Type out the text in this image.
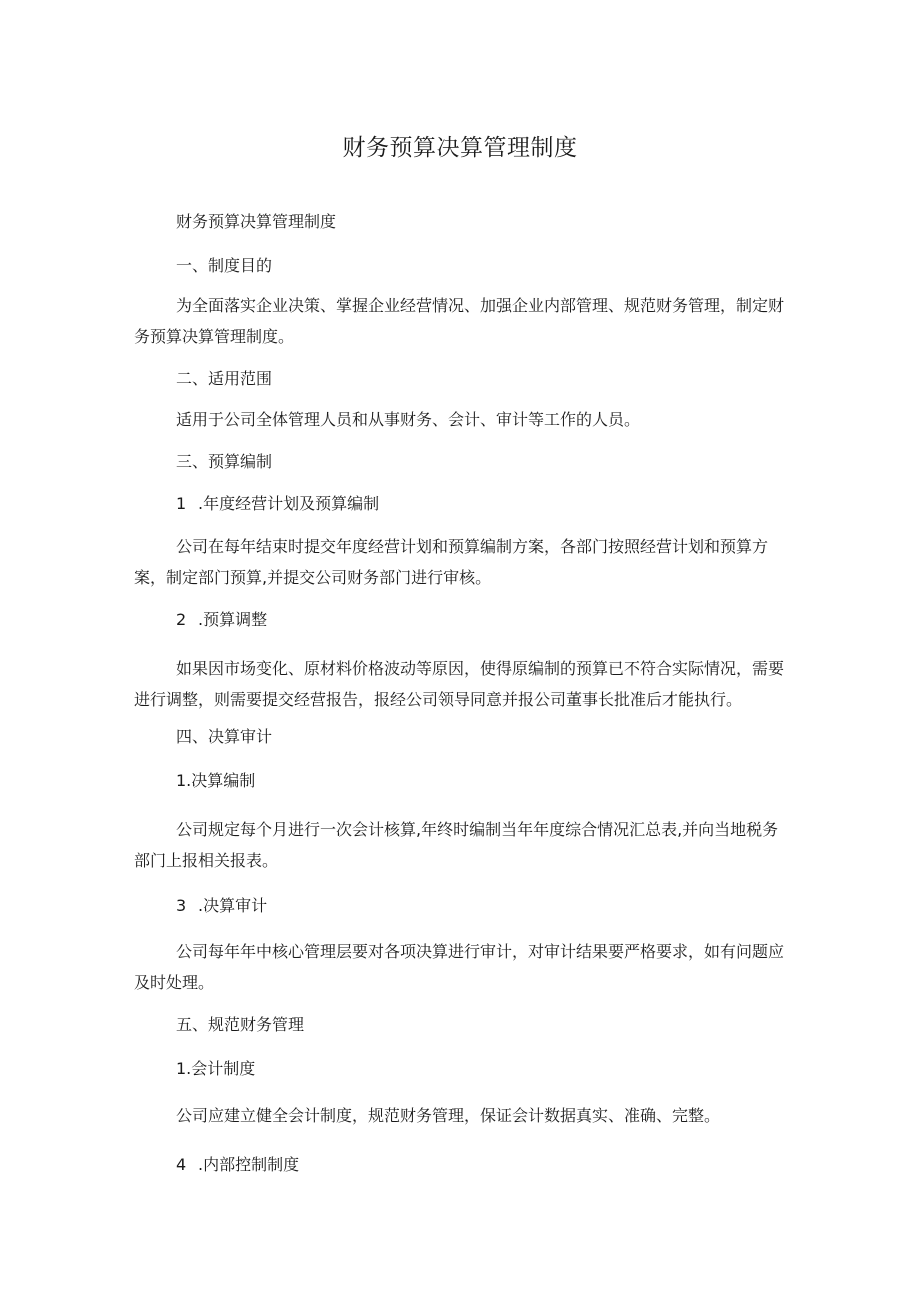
财务预算决算管理制度
财务预算决算管理制度
一、制度目的
为全面落实企业决策、掌握企业经营情况、加强企业内部管理、规范财务管理，制定财务预算决算管理制度。
二、适用范围
适用于公司全体管理人员和从事财务、会计、审计等工作的人员。
三、预算编制
1 .年度经营计划及预算编制
公司在每年结束时提交年度经营计划和预算编制方案，各部门按照经营计划和预算方案，制定部门预算,并提交公司财务部门进行审核。
2 .预算调整
如果因市场变化、原材料价格波动等原因，使得原编制的预算已不符合实际情况，需要进行调整，则需要提交经营报告，报经公司领导同意并报公司董事长批准后才能执行。
四、决算审计
1.决算编制
公司规定每个月进行一次会计核算,年终时编制当年年度综合情况汇总表,并向当地税务部门上报相关报表。
3 .决算审计
公司每年年中核心管理层要对各项决算进行审计，对审计结果要严格要求，如有问题应及时处理。
五、规范财务管理
1.会计制度
公司应建立健全会计制度，规范财务管理，保证会计数据真实、准确、完整。
4 .内部控制制度
